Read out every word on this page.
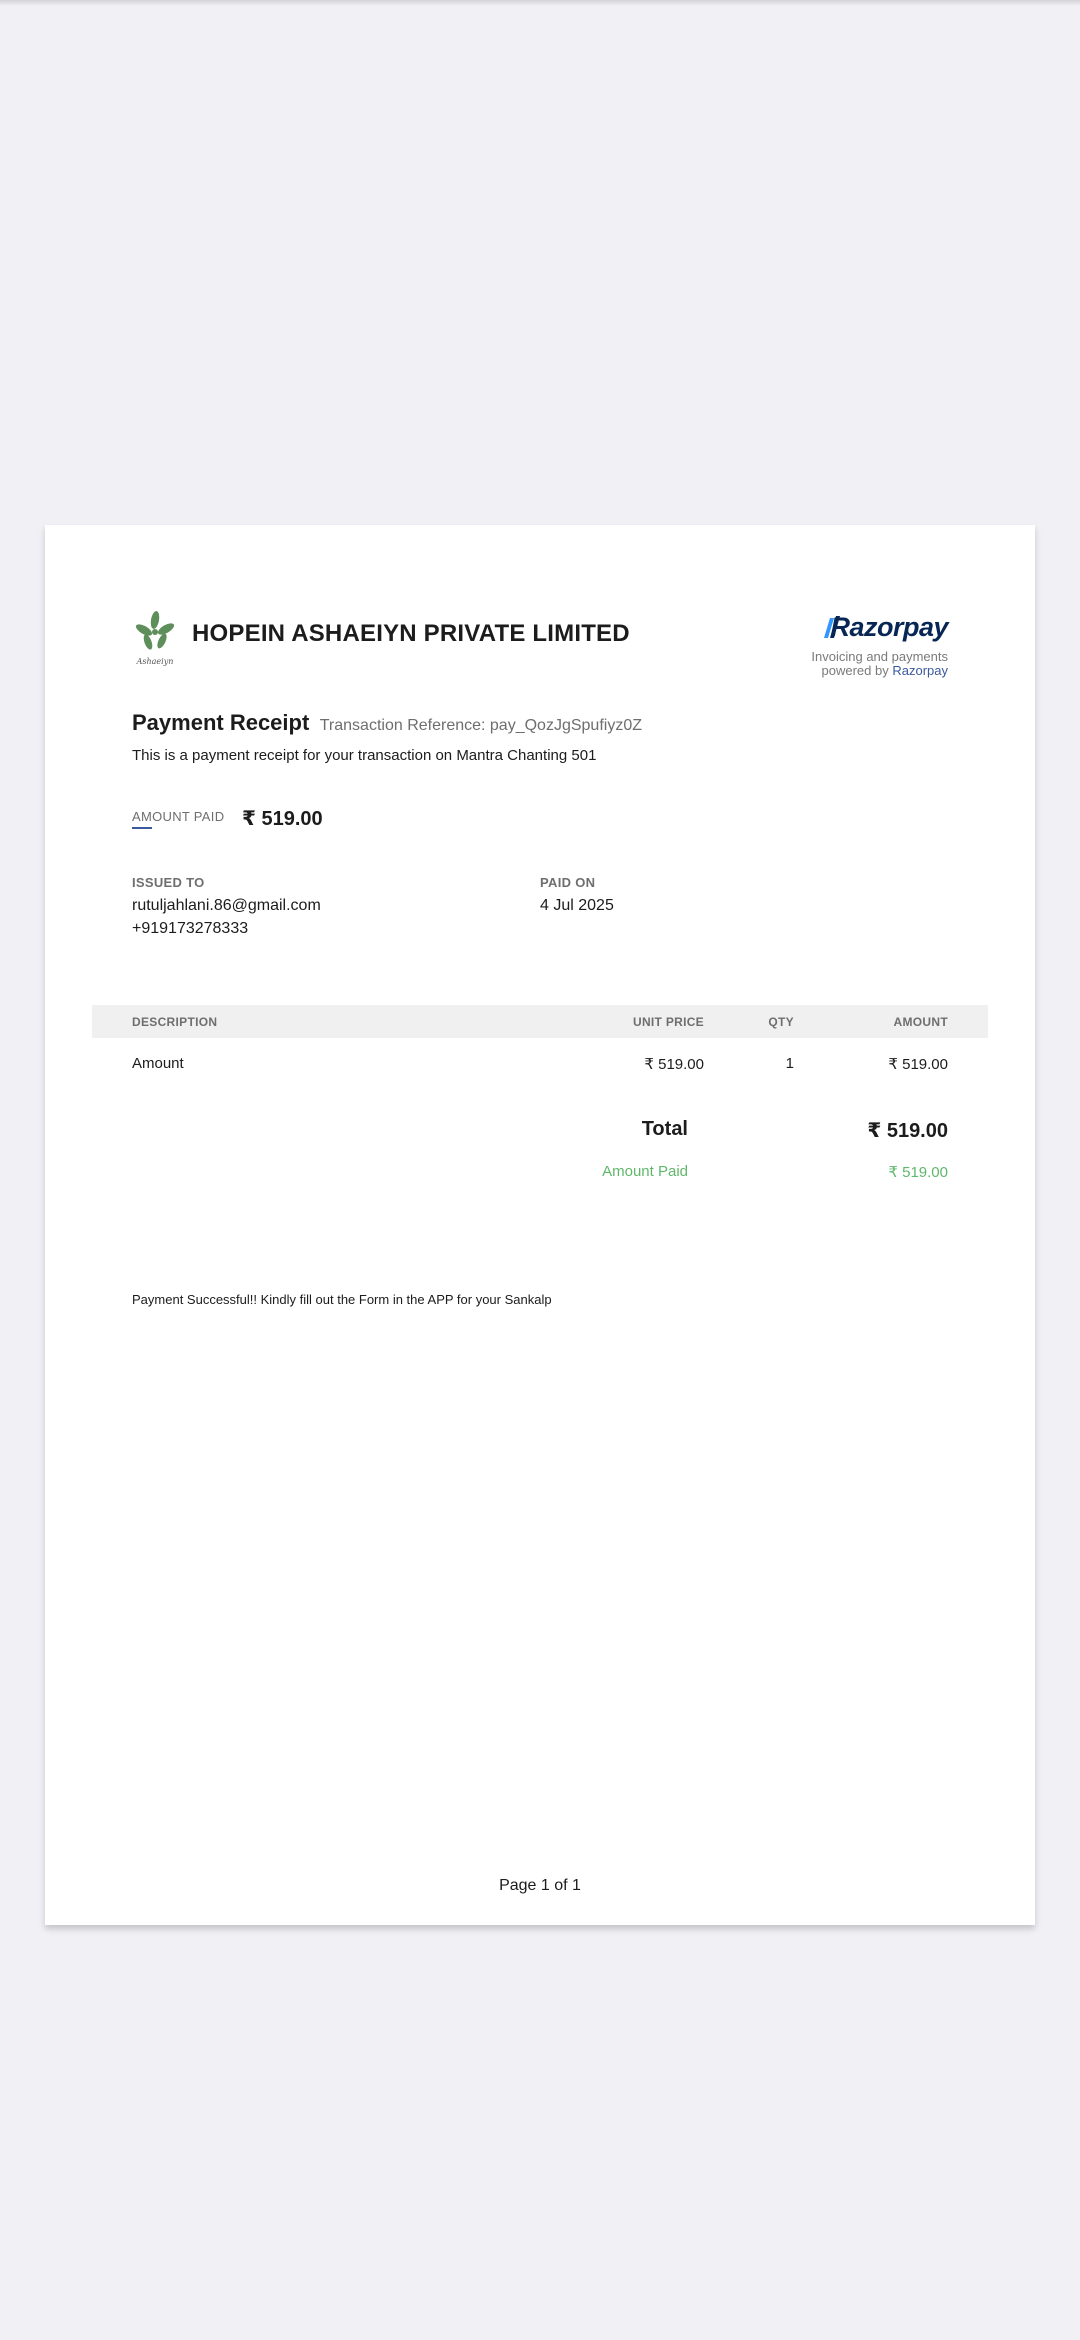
Ashaeiyn
HOPEIN ASHAEIYN PRIVATE LIMITED	Razorpay
Invoicing and payments
powered by Razorpay
Payment Receipt Transaction Reference: pay_QozJgSpufiyz0Z
This is a payment receipt for your transaction on Mantra Chanting 501
AMOUNT PAID ₹ 519.00
ISSUED TO
rutuljahlani.86@gmail.com
+919173278333
PAID ON
4 Jul 2025
DESCRIPTION	UNIT PRICE	QTY	AMOUNT
Amount	₹ 519.00	1	₹ 519.00
Total	₹ 519.00
Amount Paid	₹ 519.00
Payment Successful!! Kindly fill out the Form in the APP for your Sankalp
Page 1 of 1
